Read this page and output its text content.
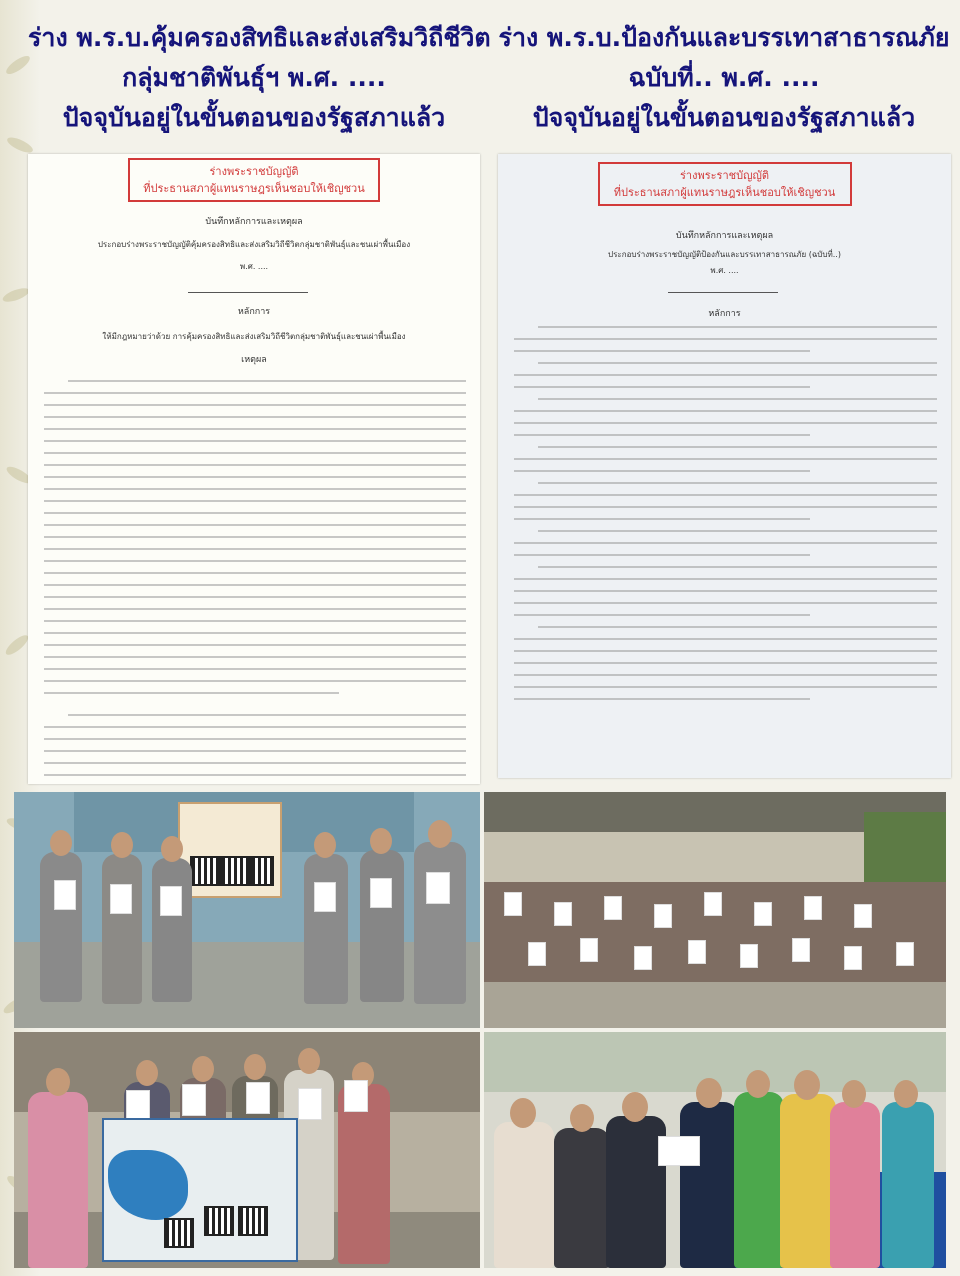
ร่าง พ.ร.บ.คุ้มครองสิทธิและส่งเสริมวิถีชีวิต
กลุ่มชาติพันธุ์ฯ พ.ศ. ....
ปัจจุบันอยู่ในขั้นตอนของรัฐสภาแล้ว
ร่าง พ.ร.บ.ป้องกันและบรรเทาสาธารณภัย
ฉบับที่.. พ.ศ. ....
ปัจจุบันอยู่ในขั้นตอนของรัฐสภาแล้ว
ร่างพระราชบัญญัติ
ที่ประธานสภาผู้แทนราษฎรเห็นชอบให้เชิญชวน
บันทึกหลักการและเหตุผล
ประกอบร่างพระราชบัญญัติคุ้มครองสิทธิและส่งเสริมวิถีชีวิตกลุ่มชาติพันธุ์และชนเผ่าพื้นเมือง
พ.ศ. ....
หลักการ
ให้มีกฎหมายว่าด้วย การคุ้มครองสิทธิและส่งเสริมวิถีชีวิตกลุ่มชาติพันธุ์และชนเผ่าพื้นเมือง
เหตุผล
ร่างพระราชบัญญัติ
ที่ประธานสภาผู้แทนราษฎรเห็นชอบให้เชิญชวน
บันทึกหลักการและเหตุผล
ประกอบร่างพระราชบัญญัติป้องกันและบรรเทาสาธารณภัย (ฉบับที่..)
พ.ศ. ....
หลักการ
